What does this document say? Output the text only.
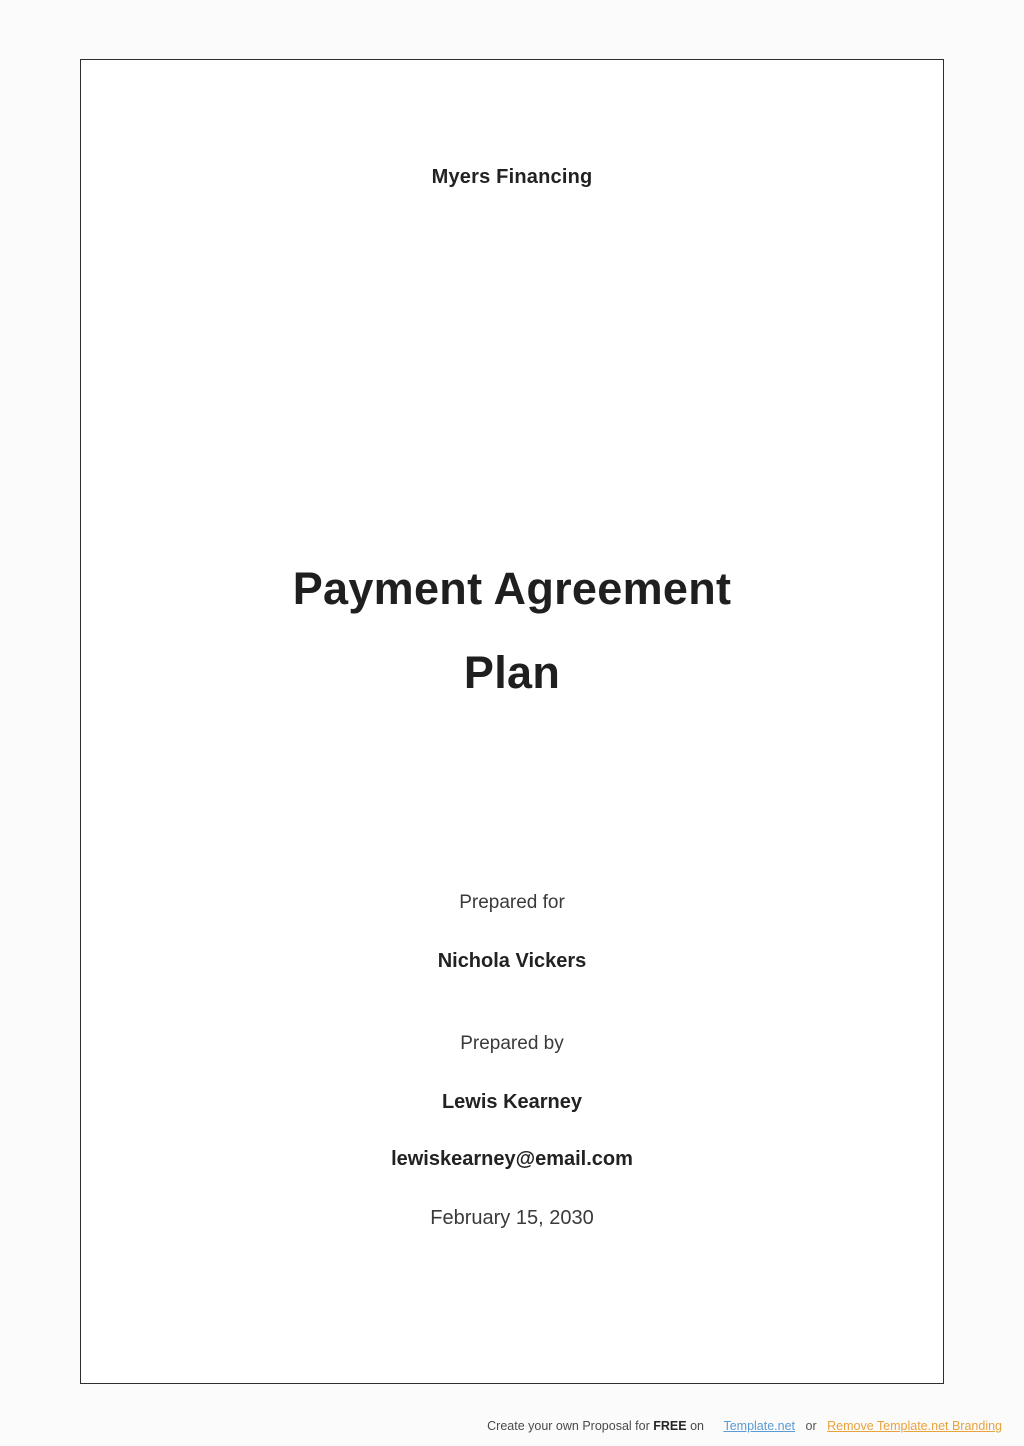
Myers Financing
Payment Agreement
Plan
Prepared for
Nichola Vickers
Prepared by
Lewis Kearney
lewiskearney@email.com
February 15, 2030
Create your own Proposal for FREE on Template.net or Remove Template.net Branding
